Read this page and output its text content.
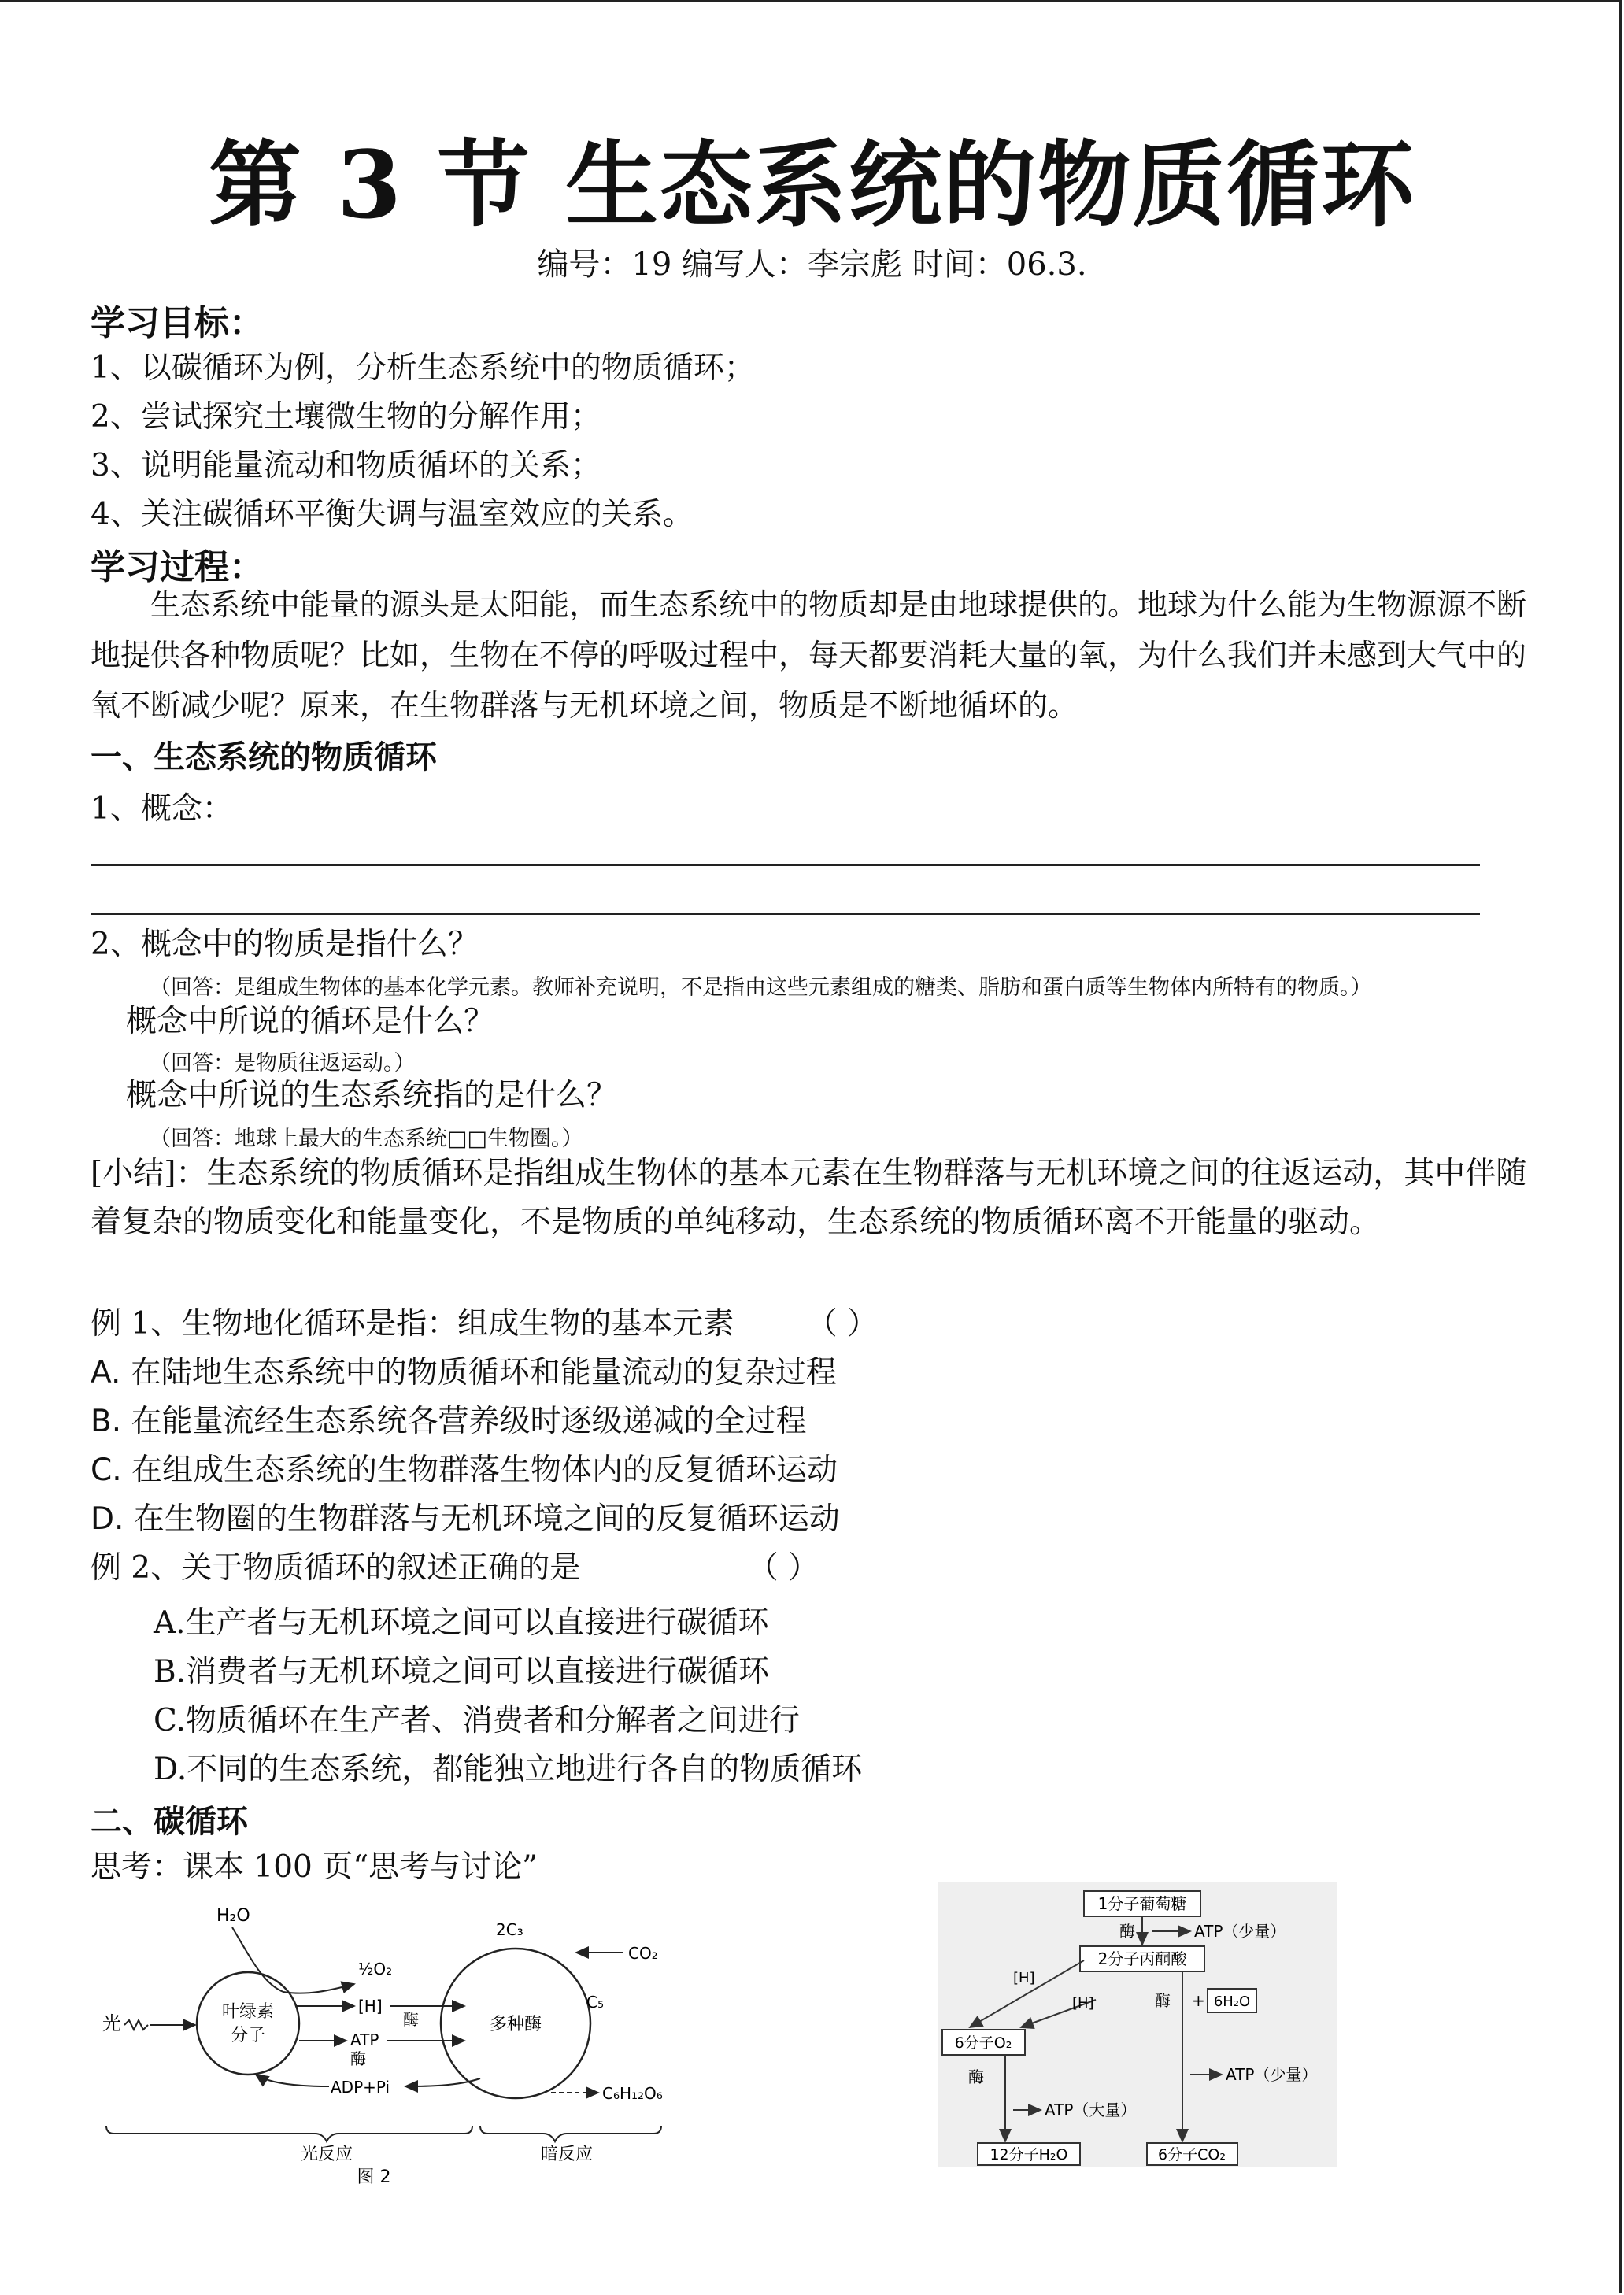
第 3 节 生态系统的物质循环
编号：19 编写人：李宗彪 时间：06.3.
学习目标：
1、以碳循环为例，分析生态系统中的物质循环；
2、尝试探究土壤微生物的分解作用；
3、说明能量流动和物质循环的关系；
4、关注碳循环平衡失调与温室效应的关系。
学习过程：
生态系统中能量的源头是太阳能，而生态系统中的物质却是由地球提供的。地球为什么能为生物源源不断地提供各种物质呢？比如，生物在不停的呼吸过程中，每天都要消耗大量的氧，为什么我们并未感到大气中的氧不断减少呢？原来，在生物群落与无机环境之间，物质是不断地循环的。
一、生态系统的物质循环
1、概念：
2、概念中的物质是指什么？
（回答：是组成生物体的基本化学元素。教师补充说明，不是指由这些元素组成的糖类、脂肪和蛋白质等生物体内所特有的物质。）
概念中所说的循环是什么？
（回答：是物质往返运动。）
概念中所说的生态系统指的是什么？
（回答：地球上最大的生态系统□□生物圈。）
[小结]：生态系统的物质循环是指组成生物体的基本元素在生物群落与无机环境之间的往返运动，其中伴随着复杂的物质变化和能量变化，不是物质的单纯移动，生态系统的物质循环离不开能量的驱动。
例 1、生物地化循环是指：组成生物的基本元素 （ ）
A. 在陆地生态系统中的物质循环和能量流动的复杂过程
B. 在能量流经生态系统各营养级时逐级递减的全过程
C. 在组成生态系统的生物群落生物体内的反复循环运动
D. 在生物圈的生物群落与无机环境之间的反复循环运动
例 2、关于物质循环的叙述正确的是	（ ）
A.生产者与无机环境之间可以直接进行碳循环
B.消费者与无机环境之间可以直接进行碳循环
C.物质循环在生产者、消费者和分解者之间进行
D.不同的生态系统，都能独立地进行各自的物质循环
二、碳循环
思考：课本 100 页“思考与讨论”
叶绿素
分子
光
H₂O
½O₂
[H]
酶
ATP
酶
ADP+Pi
多种酶
2C₃
C₅
CO₂
C₆H₁₂O₆
光反应	暗反应
图 2
1分子葡萄糖
酶	ATP（少量）
2分子丙酮酸
[H]
[H]	酶 + 6H₂O
ATP（少量）
6分子O₂
酶
ATP（大量）
12分子H₂O	6分子CO₂
